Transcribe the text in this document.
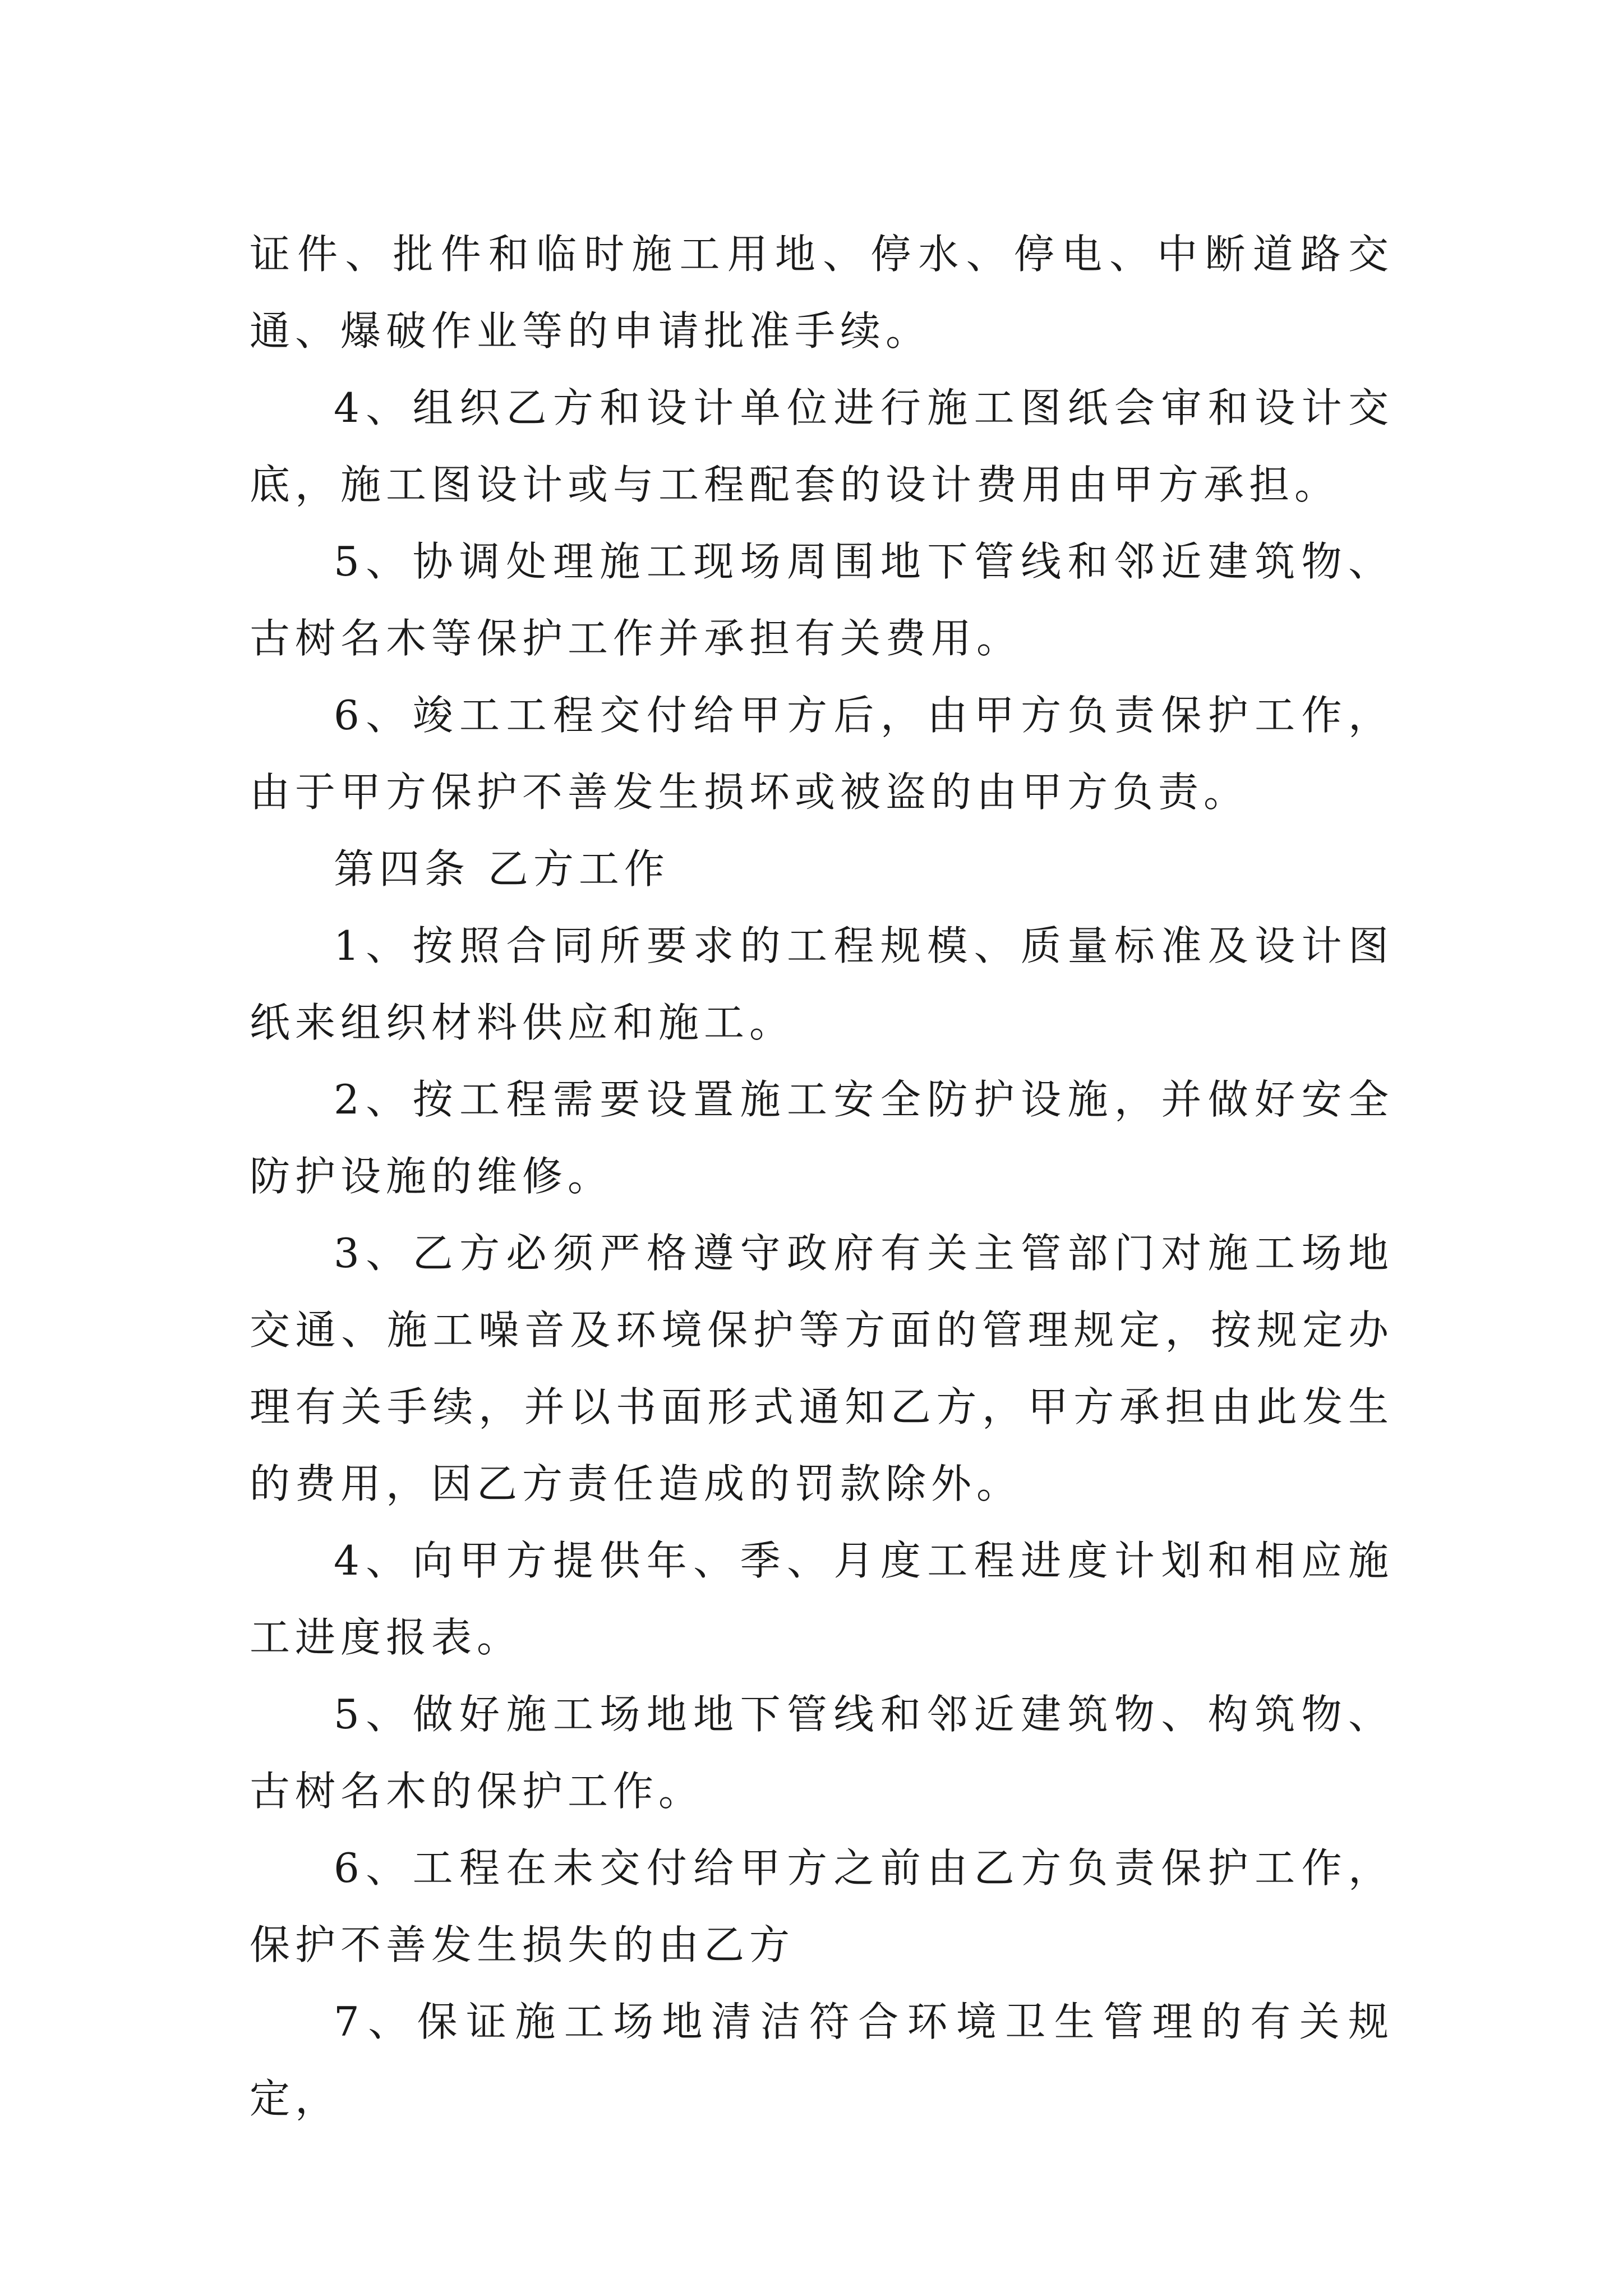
证件、批件和临时施工用地、停水、停电、中断道路交通、爆破作业等的申请批准手续。

4、组织乙方和设计单位进行施工图纸会审和设计交底，施工图设计或与工程配套的设计费用由甲方承担。

5、协调处理施工现场周围地下管线和邻近建筑物、古树名木等保护工作并承担有关费用。

6、竣工工程交付给甲方后，由甲方负责保护工作，由于甲方保护不善发生损坏或被盗的由甲方负责。

第四条 乙方工作

1、按照合同所要求的工程规模、质量标准及设计图纸来组织材料供应和施工。

2、按工程需要设置施工安全防护设施，并做好安全防护设施的维修。

3、乙方必须严格遵守政府有关主管部门对施工场地交通、施工噪音及环境保护等方面的管理规定，按规定办理有关手续，并以书面形式通知乙方，甲方承担由此发生的费用，因乙方责任造成的罚款除外。

4、向甲方提供年、季、月度工程进度计划和相应施工进度报表。

5、做好施工场地地下管线和邻近建筑物、构筑物、古树名木的保护工作。

6、工程在未交付给甲方之前由乙方负责保护工作，保护不善发生损失的由乙方

7、保证施工场地清洁符合环境卫生管理的有关规定，
